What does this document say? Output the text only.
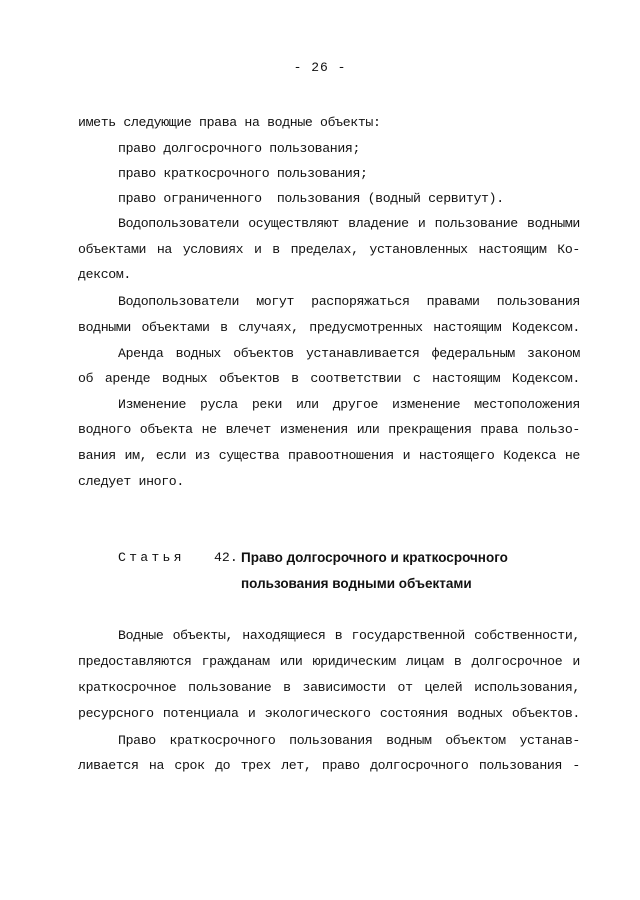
- 26 -
иметь следующие права на водные объекты:
право долгосрочного пользования;
право краткосрочного пользования;
право ограниченного  пользования (водный сервитут).
Водопользователи осуществляют владение и пользование водными
объектами на условиях и в пределах, установленных настоящим Ко-
дексом.
Водопользователи могут распоряжаться правами пользования
водными объектами в случаях, предусмотренных настоящим Кодексом.
Аренда водных объектов устанавливается федеральным законом
об аренде водных объектов в соответствии с настоящим Кодексом.
Изменение русла реки или другое изменение местоположения
водного объекта не влечет изменения или прекращения права пользо-
вания им, если из существа правоотношения и настоящего Кодекса не
следует иного.
Статья 42. Право долгосрочного и краткосрочного
пользования водными объектами
Водные объекты, находящиеся в государственной собственности,
предоставляются гражданам или юридическим лицам в долгосрочное и
краткосрочное пользование в зависимости от целей использования,
ресурсного потенциала и экологического состояния водных объектов.
Право краткосрочного пользования водным объектом устанав-
ливается на срок до трех лет, право долгосрочного пользования -
